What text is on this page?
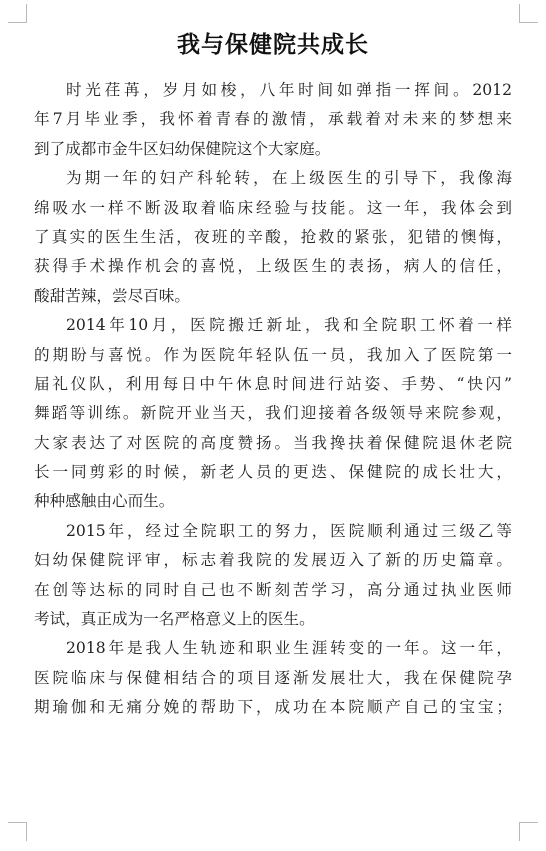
我与保健院共成长
时光荏苒，岁月如梭，八年时间如弹指一挥间。2012
年7月毕业季，我怀着青春的激情，承载着对未来的梦想来
到了成都市金牛区妇幼保健院这个大家庭。
为期一年的妇产科轮转，在上级医生的引导下，我像海
绵吸水一样不断汲取着临床经验与技能。这一年，我体会到
了真实的医生生活，夜班的辛酸，抢救的紧张，犯错的懊悔，
获得手术操作机会的喜悦，上级医生的表扬，病人的信任，
酸甜苦辣，尝尽百味。
2014年10月，医院搬迁新址，我和全院职工怀着一样
的期盼与喜悦。作为医院年轻队伍一员，我加入了医院第一
届礼仪队，利用每日中午休息时间进行站姿、手势、“快闪”
舞蹈等训练。新院开业当天，我们迎接着各级领导来院参观，
大家表达了对医院的高度赞扬。当我搀扶着保健院退休老院
长一同剪彩的时候，新老人员的更迭、保健院的成长壮大，
种种感触由心而生。
2015年，经过全院职工的努力，医院顺利通过三级乙等
妇幼保健院评审，标志着我院的发展迈入了新的历史篇章。
在创等达标的同时自己也不断刻苦学习，高分通过执业医师
考试，真正成为一名严格意义上的医生。
2018年是我人生轨迹和职业生涯转变的一年。这一年，
医院临床与保健相结合的项目逐渐发展壮大，我在保健院孕
期瑜伽和无痛分娩的帮助下，成功在本院顺产自己的宝宝；
